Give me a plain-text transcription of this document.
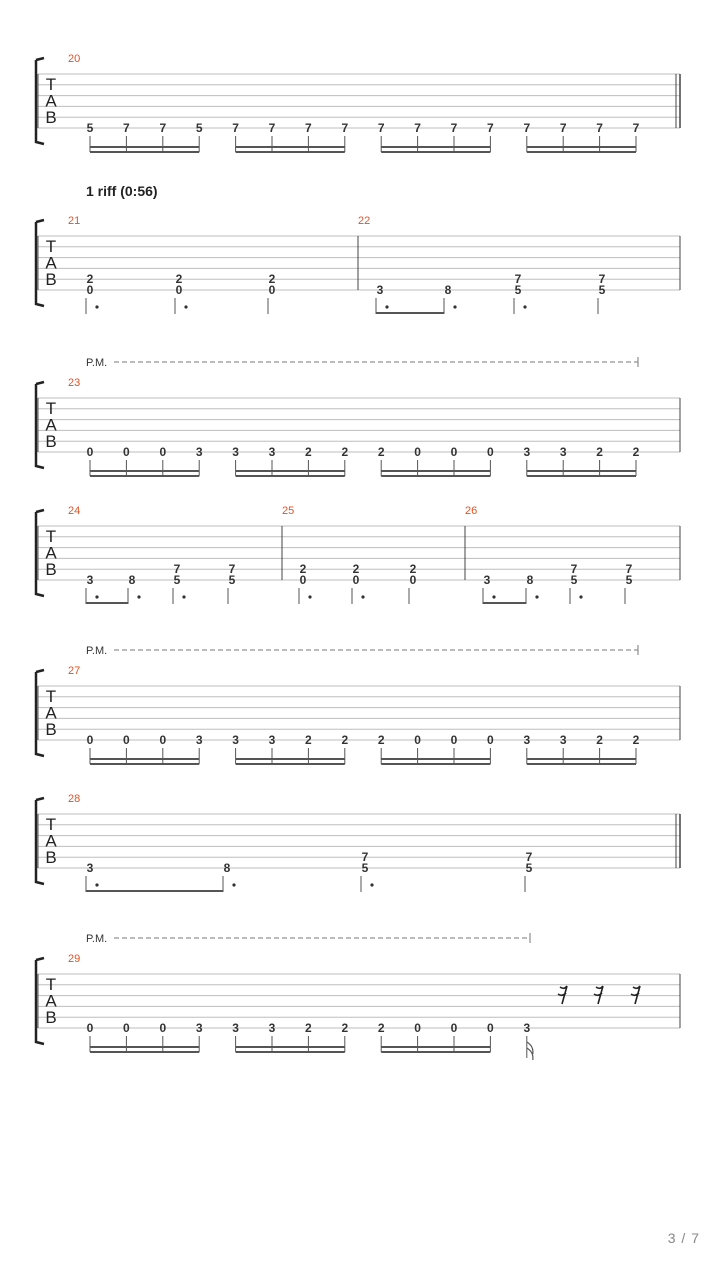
T
A
B
20
5 7 7 5 7 7 7 7 7 7 7 7 7 7 7 7
T
A
B
1 riff (0:56)
21
2
0
2
0
2
0
22
3	8
7
5
7
5
T
A
B
P.M.
23
0 0 0 3 3 3 2 2 2 0 0 0 3 3 2 2
T
A
B
24
3	8
7
5
7
5
25
2
0
2
0
2
0
26
3	8
7
5
7
5
T
A
B
P.M.
27
0 0 0 3 3 3 2 2 2 0 0 0 3 3 2 2
T
A
B
28
3	8
7
5
7
5
T
A
B
P.M.
29
0 0 0 3 3 3 2 2 2 0 0 0 3
3 / 7
